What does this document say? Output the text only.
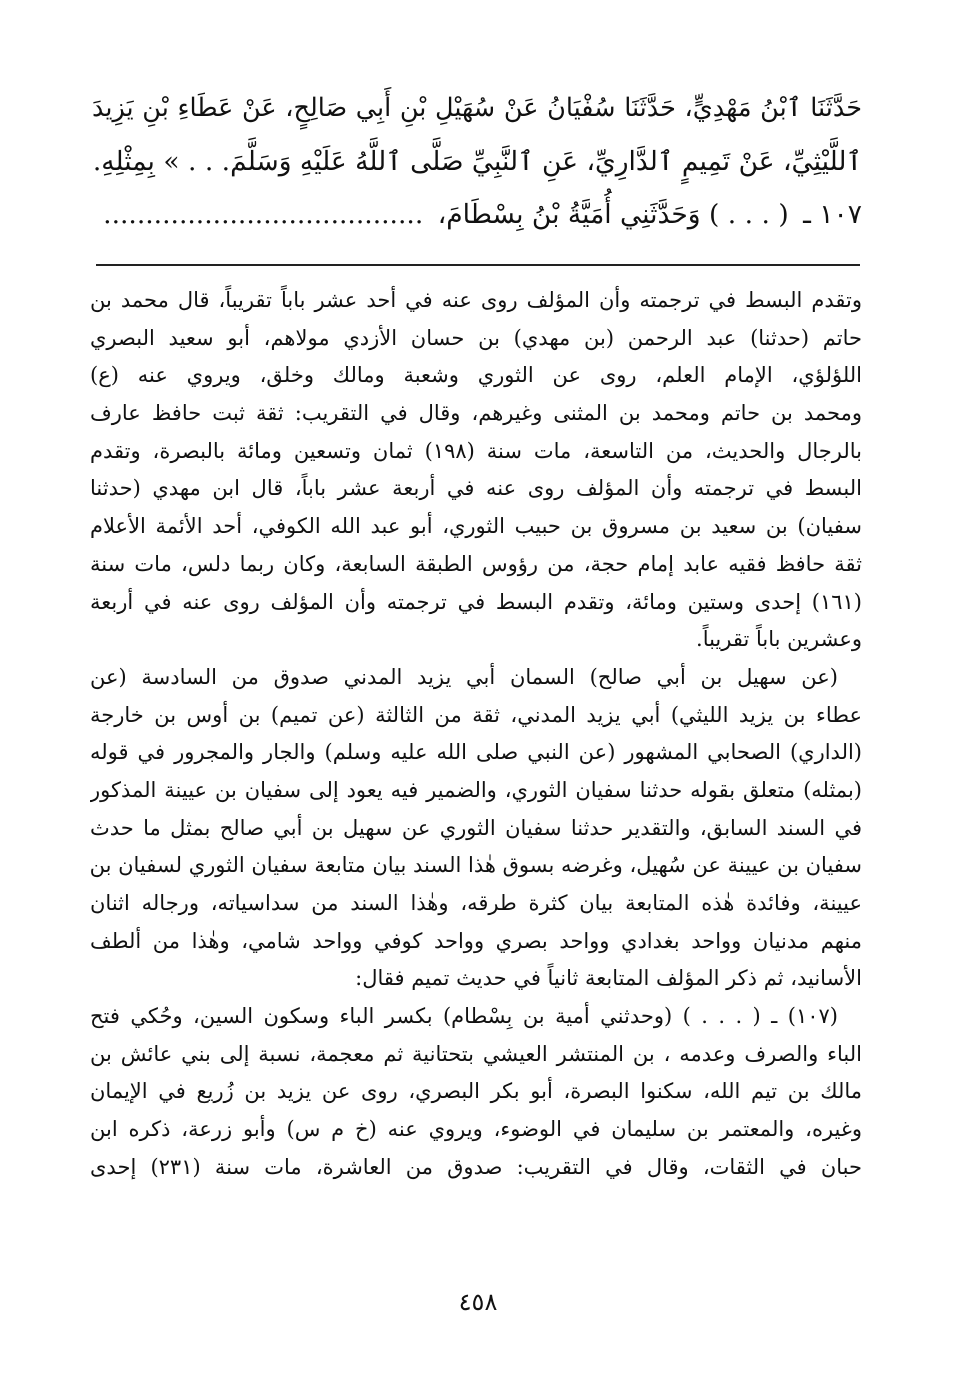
حَدَّثَنَا ٱبْنُ مَهْدِيٍّ، حَدَّثَنَا سُفْيَانُ عَنْ سُهَيْلِ بْنِ أَبِي صَالِحٍ، عَنْ عَطَاءِ بْنِ يَزِيدَ
ٱللَّيْثِيِّ، عَنْ تَمِيمٍ ٱلدَّارِيِّ، عَنِ ٱلنَّبِيِّ صَلَّى ٱللَّهُ عَلَيْهِ وَسَلَّمَ. . . » بِمِثْلِهِ.
١٠٧ ـ ( . . . ) وَحَدَّثَنِي أُمَيَّةُ بْنُ بِسْطَامَ، ......................................
وتقدم البسط في ترجمته وأن المؤلف روى عنه في أحد عشر باباً تقريباً، قال محمد بن
حاتم (حدثنا) عبد الرحمن (بن مهدي) بن حسان الأزدي مولاهم، أبو سعيد البصري
اللؤلؤي، الإمام العلم، روى عن الثوري وشعبة ومالك وخلق، ويروي عنه (ع)
ومحمد بن حاتم ومحمد بن المثنى وغيرهم، وقال في التقريب: ثقة ثبت حافظ عارف
بالرجال والحديث، من التاسعة، مات سنة (١٩٨) ثمان وتسعين ومائة بالبصرة، وتقدم
البسط في ترجمته وأن المؤلف روى عنه في أربعة عشر باباً، قال ابن مهدي (حدثنا
سفيان) بن سعيد بن مسروق بن حبيب الثوري، أبو عبد الله الكوفي، أحد الأئمة الأعلام
ثقة حافظ فقيه عابد إمام حجة، من رؤوس الطبقة السابعة، وكان ربما دلس، مات سنة
(١٦١) إحدى وستين ومائة، وتقدم البسط في ترجمته وأن المؤلف روى عنه في أربعة
وعشرين باباً تقريباً.
(عن سهيل بن أبي صالح) السمان أبي يزيد المدني صدوق من السادسة (عن
عطاء بن يزيد الليثي) أبي يزيد المدني، ثقة من الثالثة (عن تميم) بن أوس بن خارجة
(الداري) الصحابي المشهور (عن النبي صلى الله عليه وسلم) والجار والمجرور في قوله
(بمثله) متعلق بقوله حدثنا سفيان الثوري، والضمير فيه يعود إلى سفيان بن عيينة المذكور
في السند السابق، والتقدير حدثنا سفيان الثوري عن سهيل بن أبي صالح بمثل ما حدث
سفيان بن عيينة عن سُهيل، وغرضه بسوق هٰذا السند بيان متابعة سفيان الثوري لسفيان بن
عيينة، وفائدة هٰذه المتابعة بيان كثرة طرقه، وهٰذا السند من سداسياته، ورجاله اثنان
منهم مدنيان وواحد بغدادي وواحد بصري وواحد كوفي وواحد شامي، وهٰذا من ألطف
الأسانيد، ثم ذكر المؤلف المتابعة ثانياً في حديث تميم فقال:
(١٠٧) ـ ( . . . ) (وحدثني أمية بن بِسْطام) بكسر الباء وسكون السين، وحُكي فتح
الباء والصرف وعدمه ، بن المنتشر العيشي بتحتانية ثم معجمة، نسبة إلى بني عائش بن
مالك بن تيم الله، سكنوا البصرة، أبو بكر البصري، روى عن يزيد بن زُريع في الإيمان
وغيره، والمعتمر بن سليمان في الوضوء، ويروي عنه (خ م س) وأبو زرعة، ذكره ابن
حبان في الثقات، وقال في التقريب: صدوق من العاشرة، مات سنة (٢٣١) إحدى
٤٥٨
